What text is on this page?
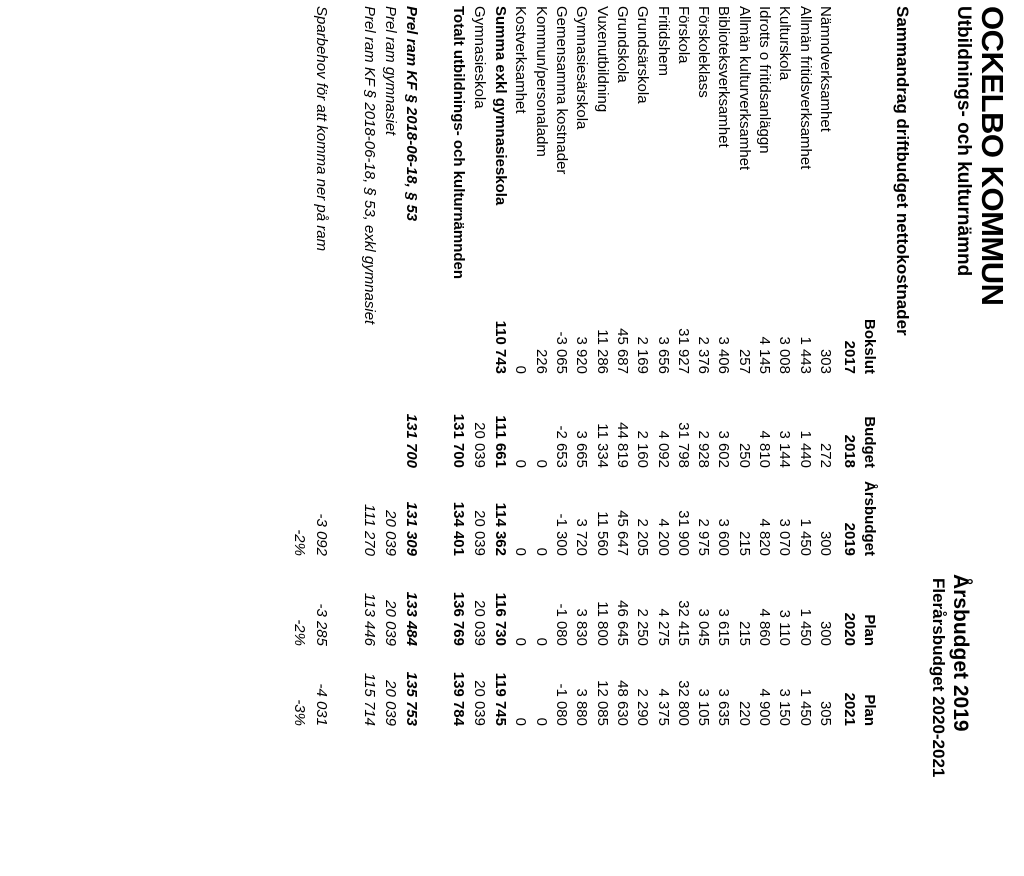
OCKELBO KOMMUN
Utbildnings- och kulturnämnd
Årsbudget 2019
Flerårsbudget 2020-2021
Sammandrag driftbudget nettokostnader
Bokslut
2017
Budget
2018
Årsbudget
2019
Plan
2020
Plan
2021
Nämndverksamhet
303
272
300
300
305
Allmän fritidsverksamhet
1 443
1 440
1 450
1 450
1 450
Kulturskola
3 008
3 144
3 070
3 110
3 150
Idrotts o fritidsanläggn
4 145
4 810
4 820
4 860
4 900
Allmän kulturverksamhet
257
250
215
215
220
Biblioteksverksamhet
3 406
3 602
3 600
3 615
3 635
Förskoleklass
2 376
2 928
2 975
3 045
3 105
Förskola
31 927
31 798
31 900
32 415
32 800
Fritidshem
3 656
4 092
4 200
4 275
4 375
Grundsärskola
2 169
2 160
2 205
2 250
2 290
Grundskola
45 687
44 819
45 647
46 645
48 630
Vuxenutbildning
11 286
11 334
11 560
11 800
12 085
Gymnasiesärskola
3 920
3 665
3 720
3 830
3 880
Gemensamma kostnader
-3 065
-2 653
-1 300
-1 080
-1 080
Kommun/personaladm
226
0
0
0
0
Kostverksamhet
0
0
0
0
0
Summa exkl gymnasieskola
110 743
111 661
114 362
116 730
119 745
Gymnasieskola
20 039
20 039
20 039
20 039
Totalt utbildnings- och kulturnämnden
131 700
134 401
136 769
139 784
Prel ram KF § 2018-06-18, § 53
131 700
131 309
133 484
135 753
Prel ram gymnasiet
20 039
20 039
20 039
Prel ram KF § 2018-06-18, § 53, exkl gymnasiet
111 270
113 446
115 714
Sparbehov för att komma ner på ram
-3 092
-3 285
-4 031
-2%
-2%
-3%
